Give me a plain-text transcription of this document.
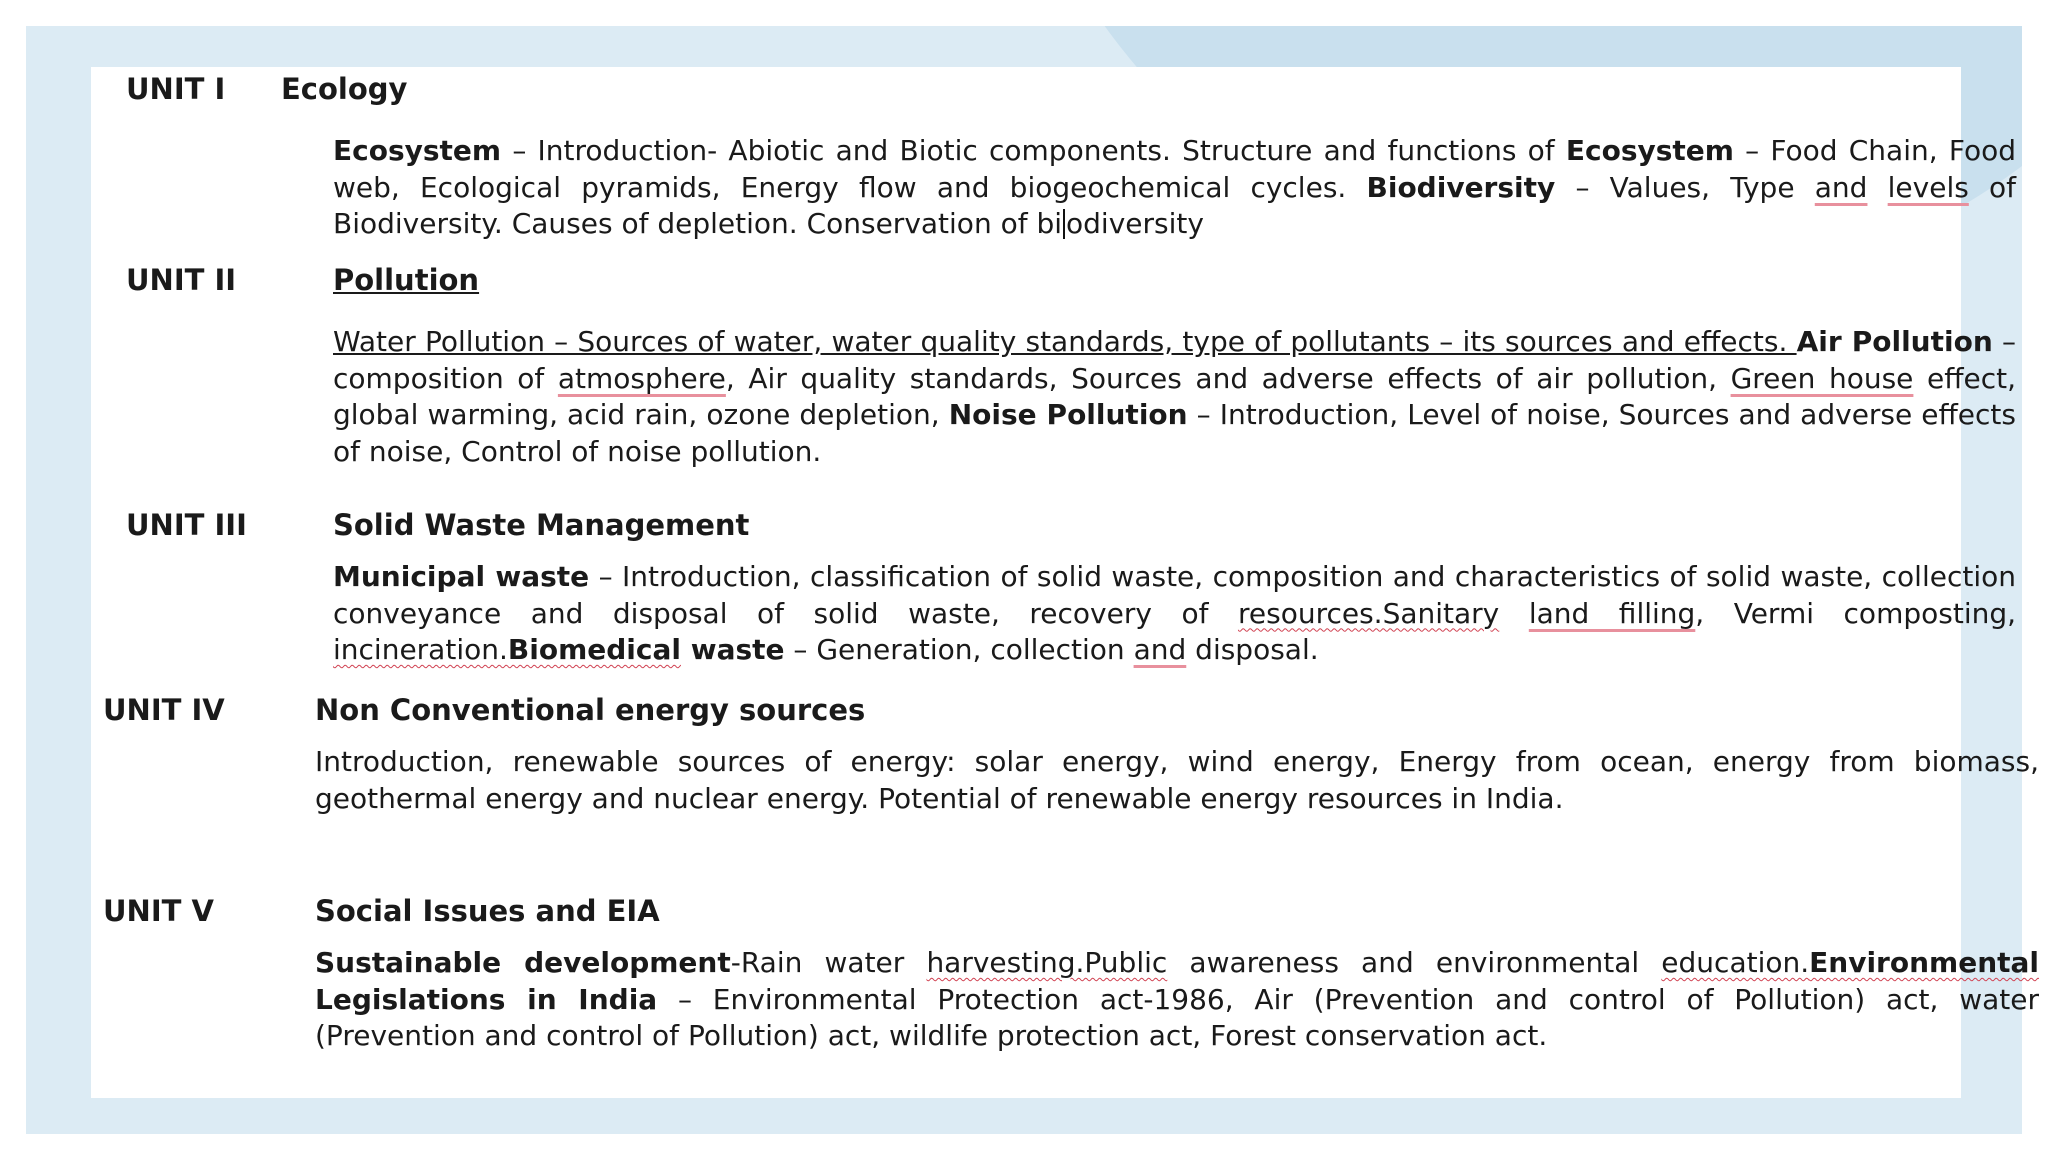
UNIT I Ecology
Ecosystem – Introduction- Abiotic and Biotic components. Structure and functions of Ecosystem – Food Chain, Food web, Ecological pyramids, Energy flow and biogeochemical cycles. Biodiversity – Values, Type and levels of Biodiversity. Causes of depletion. Conservation of bi odiversity
UNIT II	Pollution
Water Pollution – Sources of water, water quality standards, type of pollutants – its sources and effects. Air Pollution – composition of atmosphere, Air quality standards, Sources and adverse effects of air pollution, Green house effect, global warming, acid rain, ozone depletion, Noise Pollution – Introduction, Level of noise, Sources and adverse effects of noise, Control of noise pollution.
UNIT III	Solid Waste Management
Municipal waste – Introduction, classification of solid waste, composition and characteristics of solid waste, collection conveyance and disposal of solid waste, recovery of resources.Sanitary land filling, Vermi composting, incineration.Biomedical waste – Generation, collection and disposal.
UNIT IV	Non Conventional energy sources
Introduction, renewable sources of energy: solar energy, wind energy, Energy from ocean, energy from biomass, geothermal energy and nuclear energy. Potential of renewable energy resources in India.
UNIT V	Social Issues and EIA
Sustainable development-Rain water harvesting.Public awareness and environmental education.Environmental Legislations in India – Environmental Protection act-1986, Air (Prevention and control of Pollution) act, water (Prevention and control of Pollution) act, wildlife protection act, Forest conservation act.
